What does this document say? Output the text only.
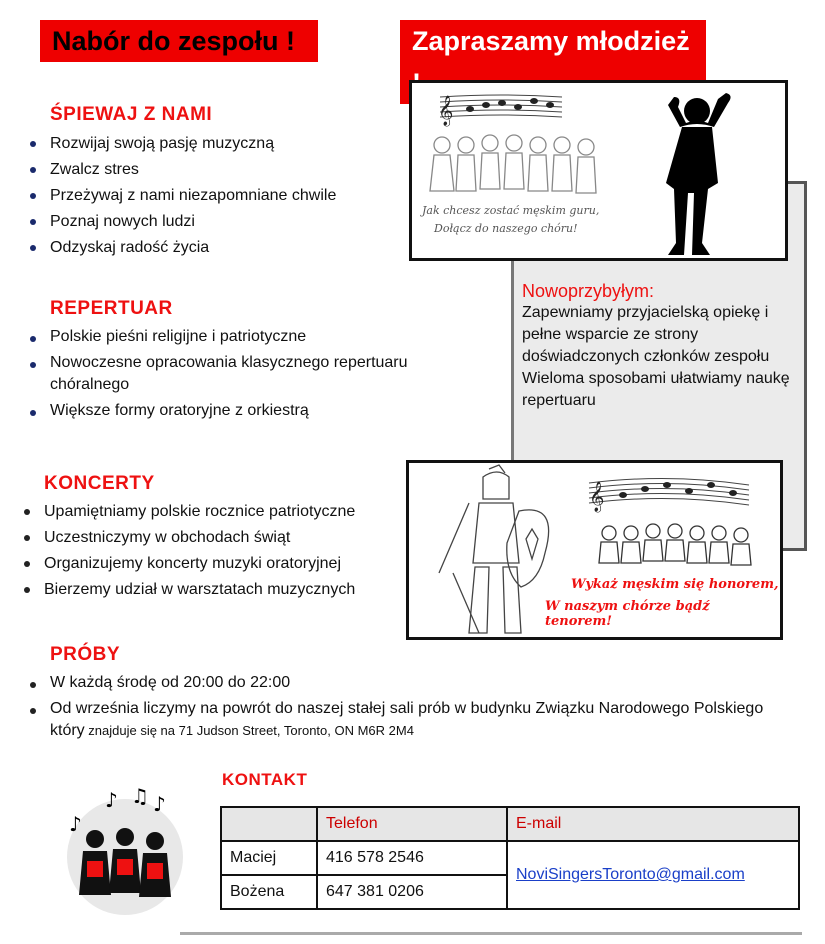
Nabór do zespołu !	Zapraszamy młodzież
ŚPIEWAJ Z NAMI
Rozwijaj swoją pasję muzyczną
Zwalcz stres
Przeżywaj z nami niezapomniane chwile
Poznaj nowych ludzi
Odzyskaj radość życia
REPERTUAR
Polskie pieśni religijne i patriotyczne
Nowoczesne opracowania klasycznego repertuaru chóralnego
Większe formy oratoryjne z orkiestrą
KONCERTY
Upamiętniamy polskie rocznice patriotyczne
Uczestniczymy w obchodach świąt
Organizujemy koncerty muzyki oratoryjnej
Bierzemy udział w warsztatach muzycznych
PRÓBY
W każdą środę od 20:00 do 22:00
Od września liczymy na powrót do naszej stałej sali prób w budynku Związku Narodowego Polskiego który znajduje się na 71 Judson Street, Toronto, ON M6R 2M4
Nowoprzybyłym:
Zapewniamy przyjacielską opiekę i pełne wsparcie ze strony doświadczonych członków zespołu
Wieloma sposobami ułatwiamy naukę repertuaru
𝄞
Jak chcesz zostać męskim guru,
Dołącz do naszego chóru!
𝄞
Wykaż męskim się honorem,
W naszym chórze bądź tenorem!
♪ ♫ ♪
♪
KONTAKT
	Telefon	E-mail
Maciej	416 578 2546	NoviSingersToronto@gmail.com
Bożena	647 381 0206	
